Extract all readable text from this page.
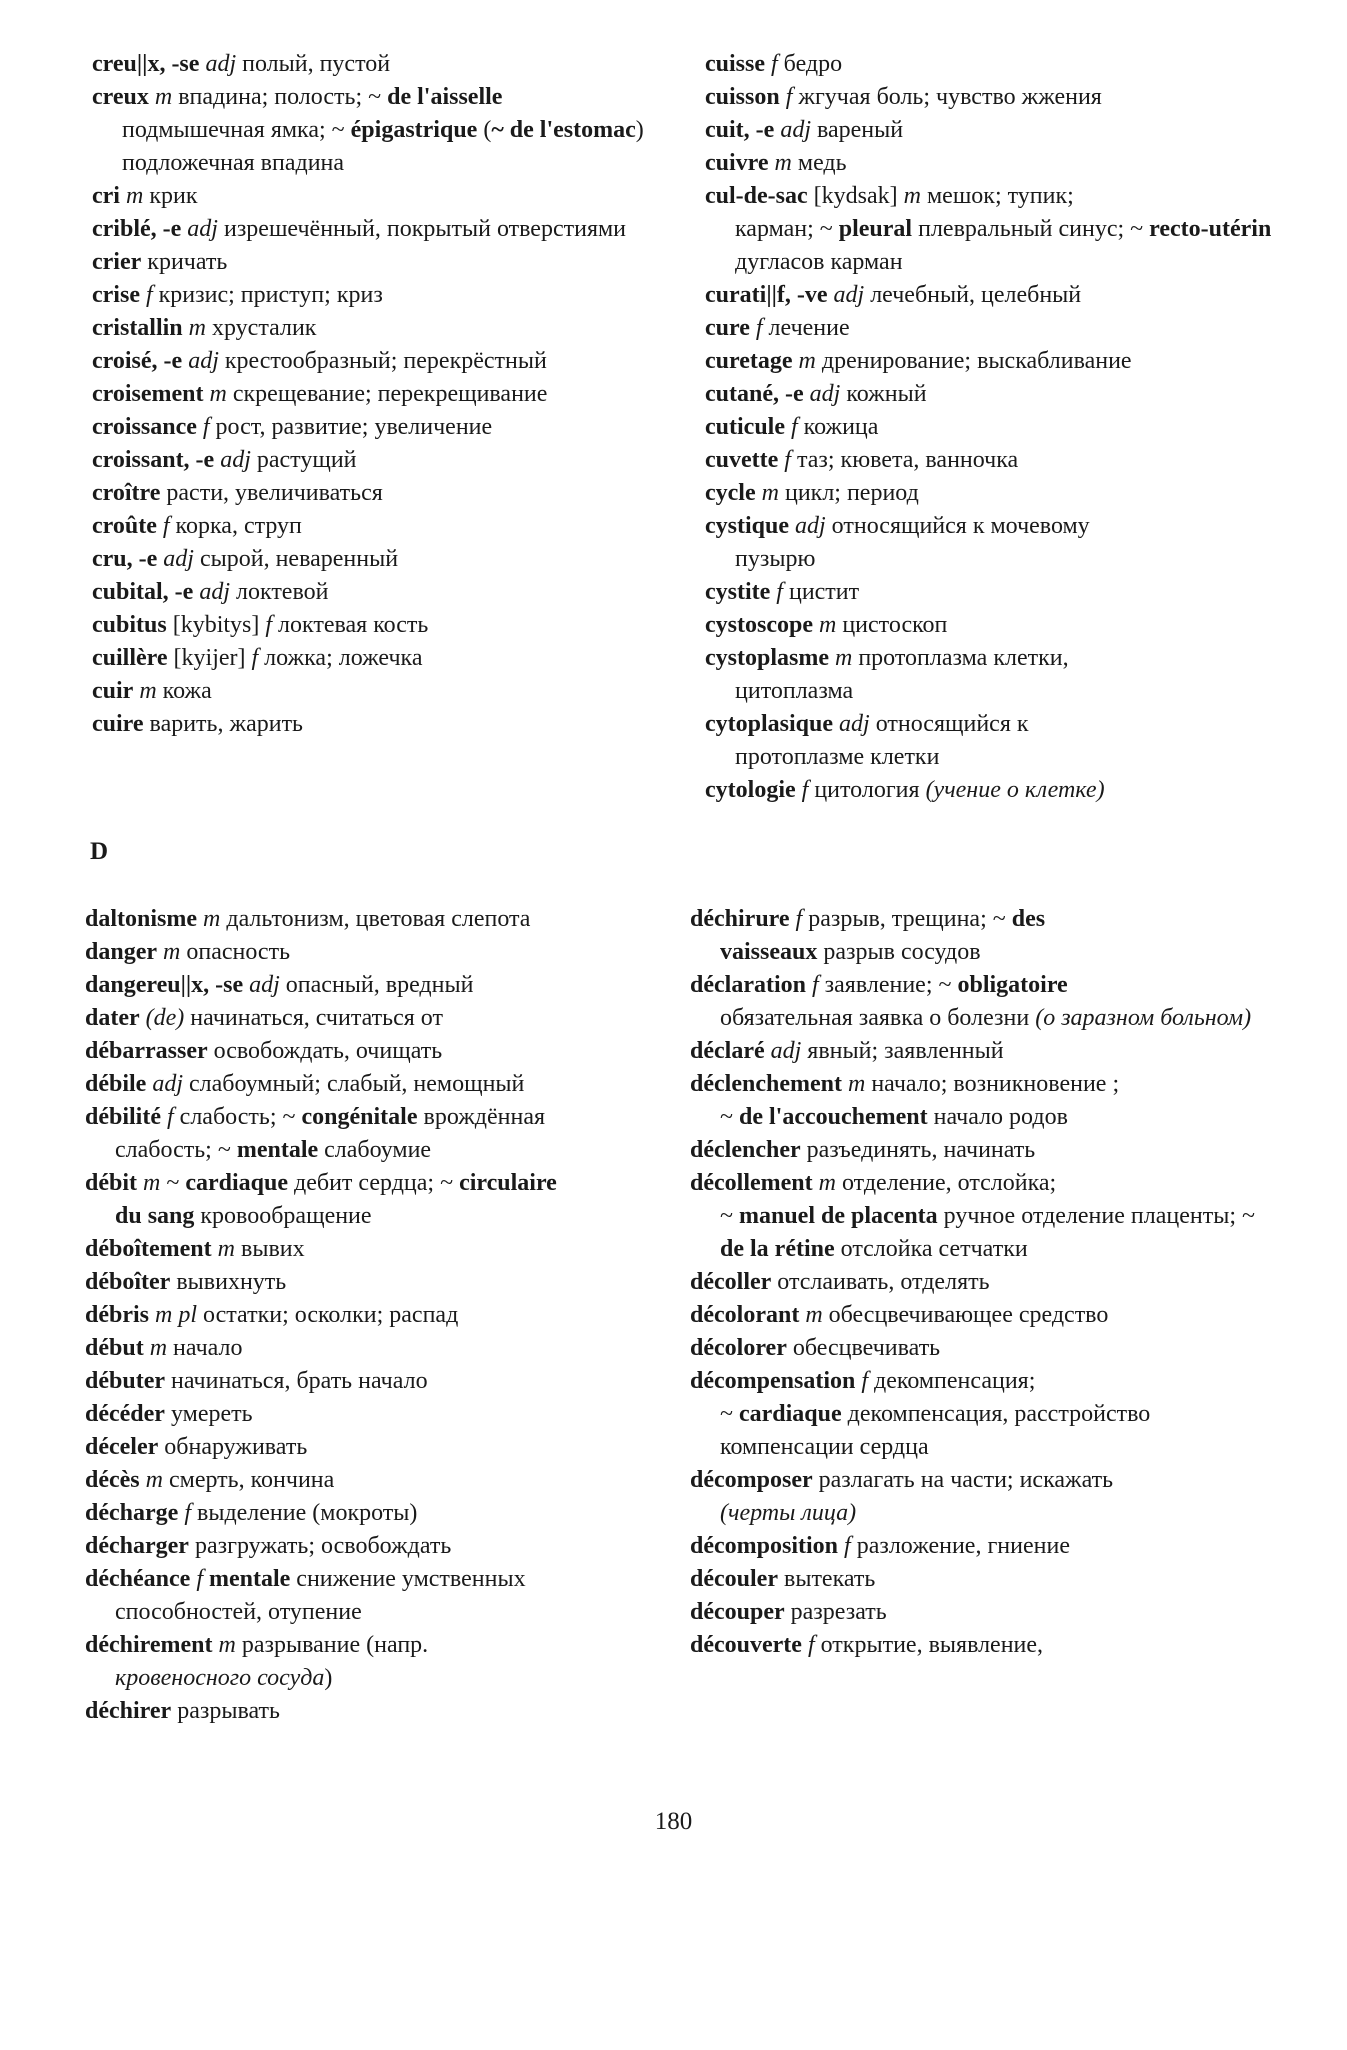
creu||x, -se adj полый, пустой
creux m впадина; полость; ~ de l'aisselle
подмышечная ямка; ~ épigastrique (~ de l'estomac) подложечная впадина
cri m крик
criblé, -e adj изрешечённый, покрытый отверстиями
crier кричать
crise f кризис; приступ; криз
cristallin m хрусталик
croisé, -e adj крестообразный; перекрёстный
croisement m скрещевание; перекрещивание
croissance f рост, развитие; увеличение
croissant, -e adj растущий
croître расти, увеличиваться
croûte f корка, струп
cru, -e adj сырой, неваренный
cubital, -e adj локтевой
cubitus [kybitys] f локтевая кость
cuillère [kyijer] f ложка; ложечка
cuir m кожа
cuire варить, жарить
cuisse f бедро
cuisson f жгучая боль; чувство жжения
cuit, -e adj вареный
cuivre m медь
cul-de-sac [kydsak] m мешок; тупик;
карман; ~ pleural плевральный синус; ~ recto-utérin дугласов карман
curati||f, -ve adj лечебный, целебный
cure f лечение
curetage m дренирование; выскабливание
cutané, -e adj кожный
cuticule f кожица
cuvette f таз; кювета, ванночка
cycle m цикл; период
cystique adj относящийся к мочевому
пузырю
cystite f цистит
cystoscope m цистоскоп
cystoplasme m протоплазма клетки,
цитоплазма
cytoplasique adj относящийся к
протоплазме клетки
cytologie f цитология (учение о клетке)
D
daltonisme m дальтонизм, цветовая слепота
danger m опасность
dangereu||x, -se adj опасный, вредный
dater (de) начинаться, считаться от
débarrasser освобождать, очищать
débile adj слабоумный; слабый, немощный
débilité f слабость; ~ congénitale врождённая
слабость; ~ mentale слабоумие
débit m ~ cardiaque дебит сердца; ~ circulaire
du sang кровообращение
déboîtement m вывих
déboîter вывихнуть
débris m pl остатки; осколки; распад
début m начало
débuter начинаться, брать начало
décéder умереть
déceler обнаруживать
décès m смерть, кончина
décharge f выделение (мокроты)
décharger разгружать; освобождать
déchéance f mentale снижение умственных
способностей, отупение
déchirement m разрывание (напр.
кровеносного сосуда)
déchirer разрывать
déchirure f разрыв, трещина; ~ des
vaisseaux разрыв сосудов
déclaration f заявление; ~ obligatoire
обязательная заявка о болезни (о заразном больном)
déclaré adj явный; заявленный
déclenchement m начало; возникновение ;
~ de l'accouchement начало родов
déclencher разъединять, начинать
décollement m отделение, отслойка;
~ manuel de placenta ручное отделение плаценты; ~ de la rétine отслойка сетчатки
décoller отслаивать, отделять
décolorant m обесцвечивающее средство
décolorer обесцвечивать
décompensation f декомпенсация;
~ cardiaque декомпенсация, расстройство компенсации сердца
décomposer разлагать на части; искажать
(черты лица)
décomposition f разложение, гниение
découler вытекать
découper разрезать
découverte f открытие, выявление,
180
